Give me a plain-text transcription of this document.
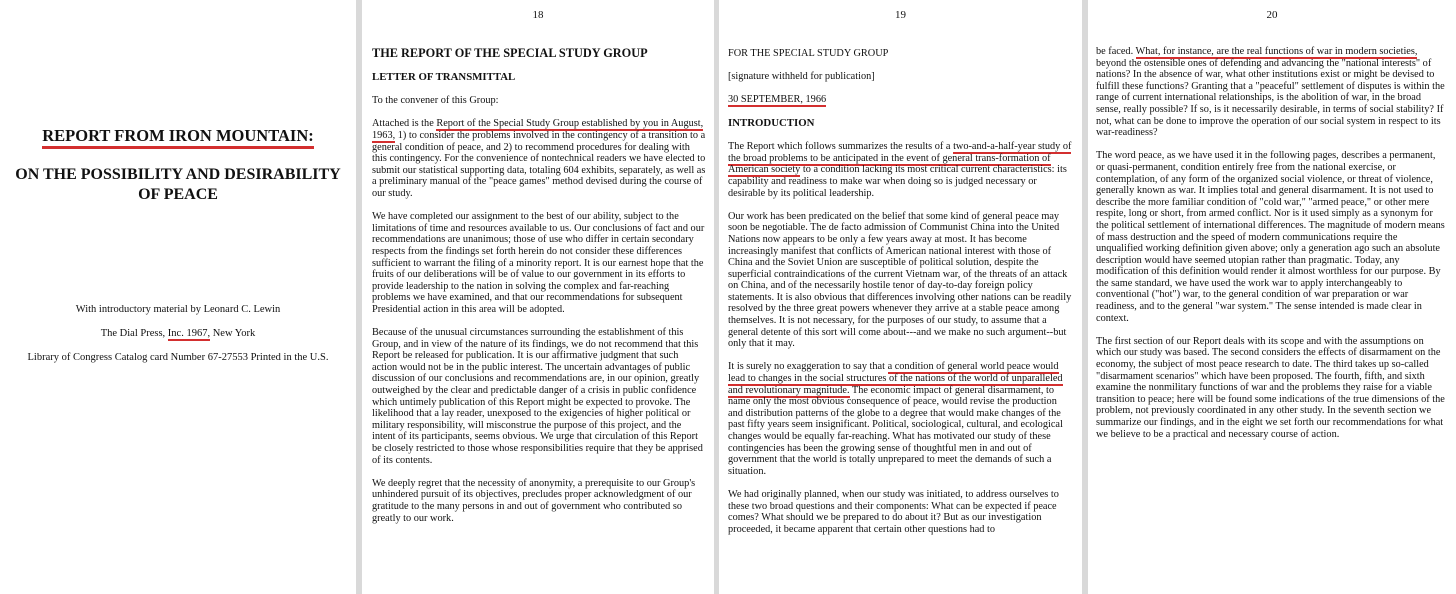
REPORT FROM IRON MOUNTAIN:
ON THE POSSIBILITY AND DESIRABILITY
OF PEACE
With introductory material by Leonard C. Lewin
The Dial Press, Inc. 1967, New York
Library of Congress Catalog card Number 67-27553 Printed in the U.S.
18
THE REPORT OF THE SPECIAL STUDY GROUP
LETTER OF TRANSMITTAL

To the convener of this Group:

Attached is the Report of the Special Study Group established by you in August, 1963, 1) to consider the problems involved in the contingency of a transition to a general condition of peace, and 2) to recommend procedures for dealing with this contingency. For the convenience of nontechnical readers we have elected to submit our statistical supporting data, totaling 604 exhibits, separately, as well as a preliminary manual of the "peace games" method devised during the course of our study.

We have completed our assignment to the best of our ability, subject to the limitations of time and resources available to us. Our conclusions of fact and our recommendations are unanimous; those of use who differ in certain secondary respects from the findings set forth herein do not consider these differences sufficient to warrant the filing of a minority report. It is our earnest hope that the fruits of our deliberations will be of value to our government in its efforts to provide leadership to the nation in solving the complex and far-reaching problems we have examined, and that our recommendations for subsequent Presidential action in this area will be adopted.

Because of the unusual circumstances surrounding the establishment of this Group, and in view of the nature of its findings, we do not recommend that this Report be released for publication. It is our affirmative judgment that such action would not be in the public interest. The uncertain advantages of public discussion of our conclusions and recommendations are, in our opinion, greatly outweighed by the clear and predictable danger of a crisis in public confidence which untimely publication of this Report might be expected to provoke. The likelihood that a lay reader, unexposed to the exigencies of higher political or military responsibility, will misconstrue the purpose of this project, and the intent of its participants, seems obvious. We urge that circulation of this Report be closely restricted to those whose responsibilities require that they be apprised of its contents.

We deeply regret that the necessity of anonymity, a prerequisite to our Group's unhindered pursuit of its objectives, precludes proper acknowledgment of our gratitude to the many persons in and out of government who contributed so greatly to our work.

19

FOR THE SPECIAL STUDY GROUP

[signature withheld for publication]

30 SEPTEMBER, 1966

INTRODUCTION

The Report which follows summarizes the results of a two-and-a-half-year study of the broad problems to be anticipated in the event of general trans-formation of American society to a condition lacking its most critical current characteristics: its capability and readiness to make war when doing so is judged necessary or desirable by its political leadership.

Our work has been predicated on the belief that some kind of general peace may soon be negotiable. The de facto admission of Communist China into the United Nations now appears to be only a few years away at most. It has become increasingly manifest that conflicts of American national interest with those of China and the Soviet Union are susceptible of political solution, despite the superficial contraindications of the current Vietnam war, of the threats of an attack on China, and of the necessarily hostile tenor of day-to-day foreign policy statements. It is also obvious that differences involving other nations can be readily resolved by the three great powers whenever they arrive at a stable peace among themselves. It is not necessary, for the purposes of our study, to assume that a general detente of this sort will come about---and we make no such argument--but only that it may.

It is surely no exaggeration to say that a condition of general world peace would lead to changes in the social structures of the nations of the world of unparalleled and revolutionary magnitude. The economic impact of general disarmament, to name only the most obvious consequence of peace, would revise the production and distribution patterns of the globe to a degree that would make changes of the past fifty years seem insignificant. Political, sociological, cultural, and ecological changes would be equally far-reaching. What has motivated our study of these contingencies has been the growing sense of thoughtful men in and out of government that the world is totally unprepared to meet the demands of such a situation.

We had originally planned, when our study was initiated, to address ourselves to these two broad questions and their components: What can be expected if peace comes? What should we be prepared to do about it? But as our investigation proceeded, it became apparent that certain other questions had to

20

be faced. What, for instance, are the real functions of war in modern societies, beyond the ostensible ones of defending and advancing the "national interests" of nations? In the absence of war, what other institutions exist or might be devised to fulfill these functions? Granting that a "peaceful" settlement of disputes is within the range of current international relationships, is the abolition of war, in the broad sense, really possible? If so, is it necessarily desirable, in terms of social stability? If not, what can be done to improve the operation of our social system in respect to its war-readiness?

The word peace, as we have used it in the following pages, describes a permanent, or quasi-permanent, condition entirely free from the national exercise, or contemplation, of any form of the organized social violence, or threat of violence, generally known as war. It implies total and general disarmament. It is not used to describe the more familiar condition of "cold war," "armed peace," or other mere respite, long or short, from armed conflict. Nor is it used simply as a synonym for the political settlement of international differences. The magnitude of modern means of mass destruction and the speed of modern communications require the unqualified working definition given above; only a generation ago such an absolute description would have seemed utopian rather than pragmatic. Today, any modification of this definition would render it almost worthless for our purpose. By the same standard, we have used the work war to apply interchangeably to conventional ("hot") war, to the general condition of war preparation or war readiness, and to the general "war system." The sense intended is made clear in context.

The first section of our Report deals with its scope and with the assumptions on which our study was based. The second considers the effects of disarmament on the economy, the subject of most peace research to date. The third takes up so-called "disarmament scenarios" which have been proposed. The fourth, fifth, and sixth examine the nonmilitary functions of war and the problems they raise for a viable transition to peace; here will be found some indications of the true dimensions of the problem, not previously coordinated in any other study. In the seventh section we summarize our findings, and in the eight we set forth our recommendations for what we believe to be a practical and necessary course of action.
